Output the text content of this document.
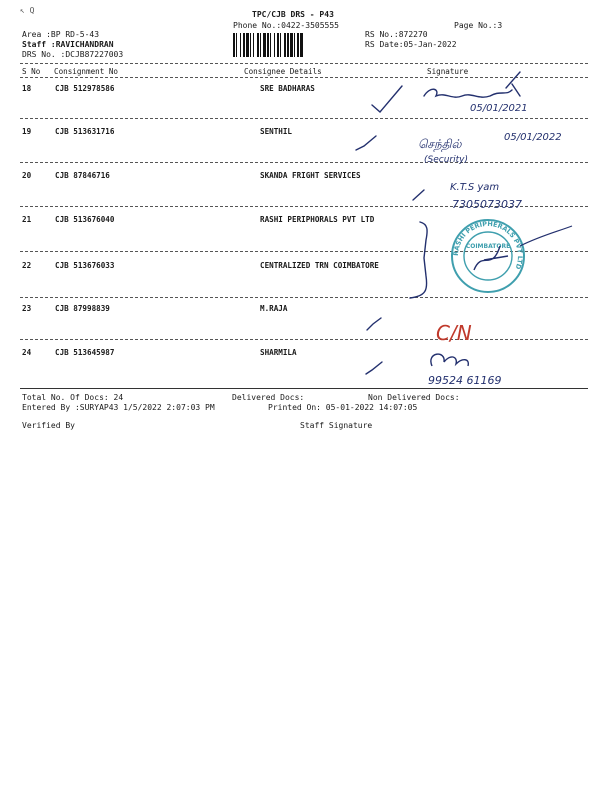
↖ Q	TPC/CJB DRS - P43
Phone No.:0422-3505555	Page No.:3
Area :BP RD-5-43
Staff :RAVICHANDRAN
DRS No. :DCJB87227003
RS No.:872270
RS Date:05-Jan-2022
S No Consignment No	Consignee Details	Signature
18	CJB 512978586	SRE BADHARAS
19	CJB 513631716	SENTHIL
20	CJB 87846716	SKANDA FRIGHT SERVICES
21	CJB 513676040	RASHI PERIPHORALS PVT LTD
22	CJB 513676033	CENTRALIZED TRN COIMBATORE
23	CJB 87998839	M.RAJA
24	CJB 513645987	SHARMILA
Total No. Of Docs: 24	Delivered Docs:	Non Delivered Docs:
Entered By :SURYAP43 1/5/2022 2:07:03 PM	Printed On: 05-01-2022 14:07:05
Verified By	Staff Signature
05/01/2021
செந்தில்
(Security)
05/01/2022
K.T.S yam
7305073037
99524 61169
C/N
RASHI PERIPHERALS PVT LTD
COIMBATORE
